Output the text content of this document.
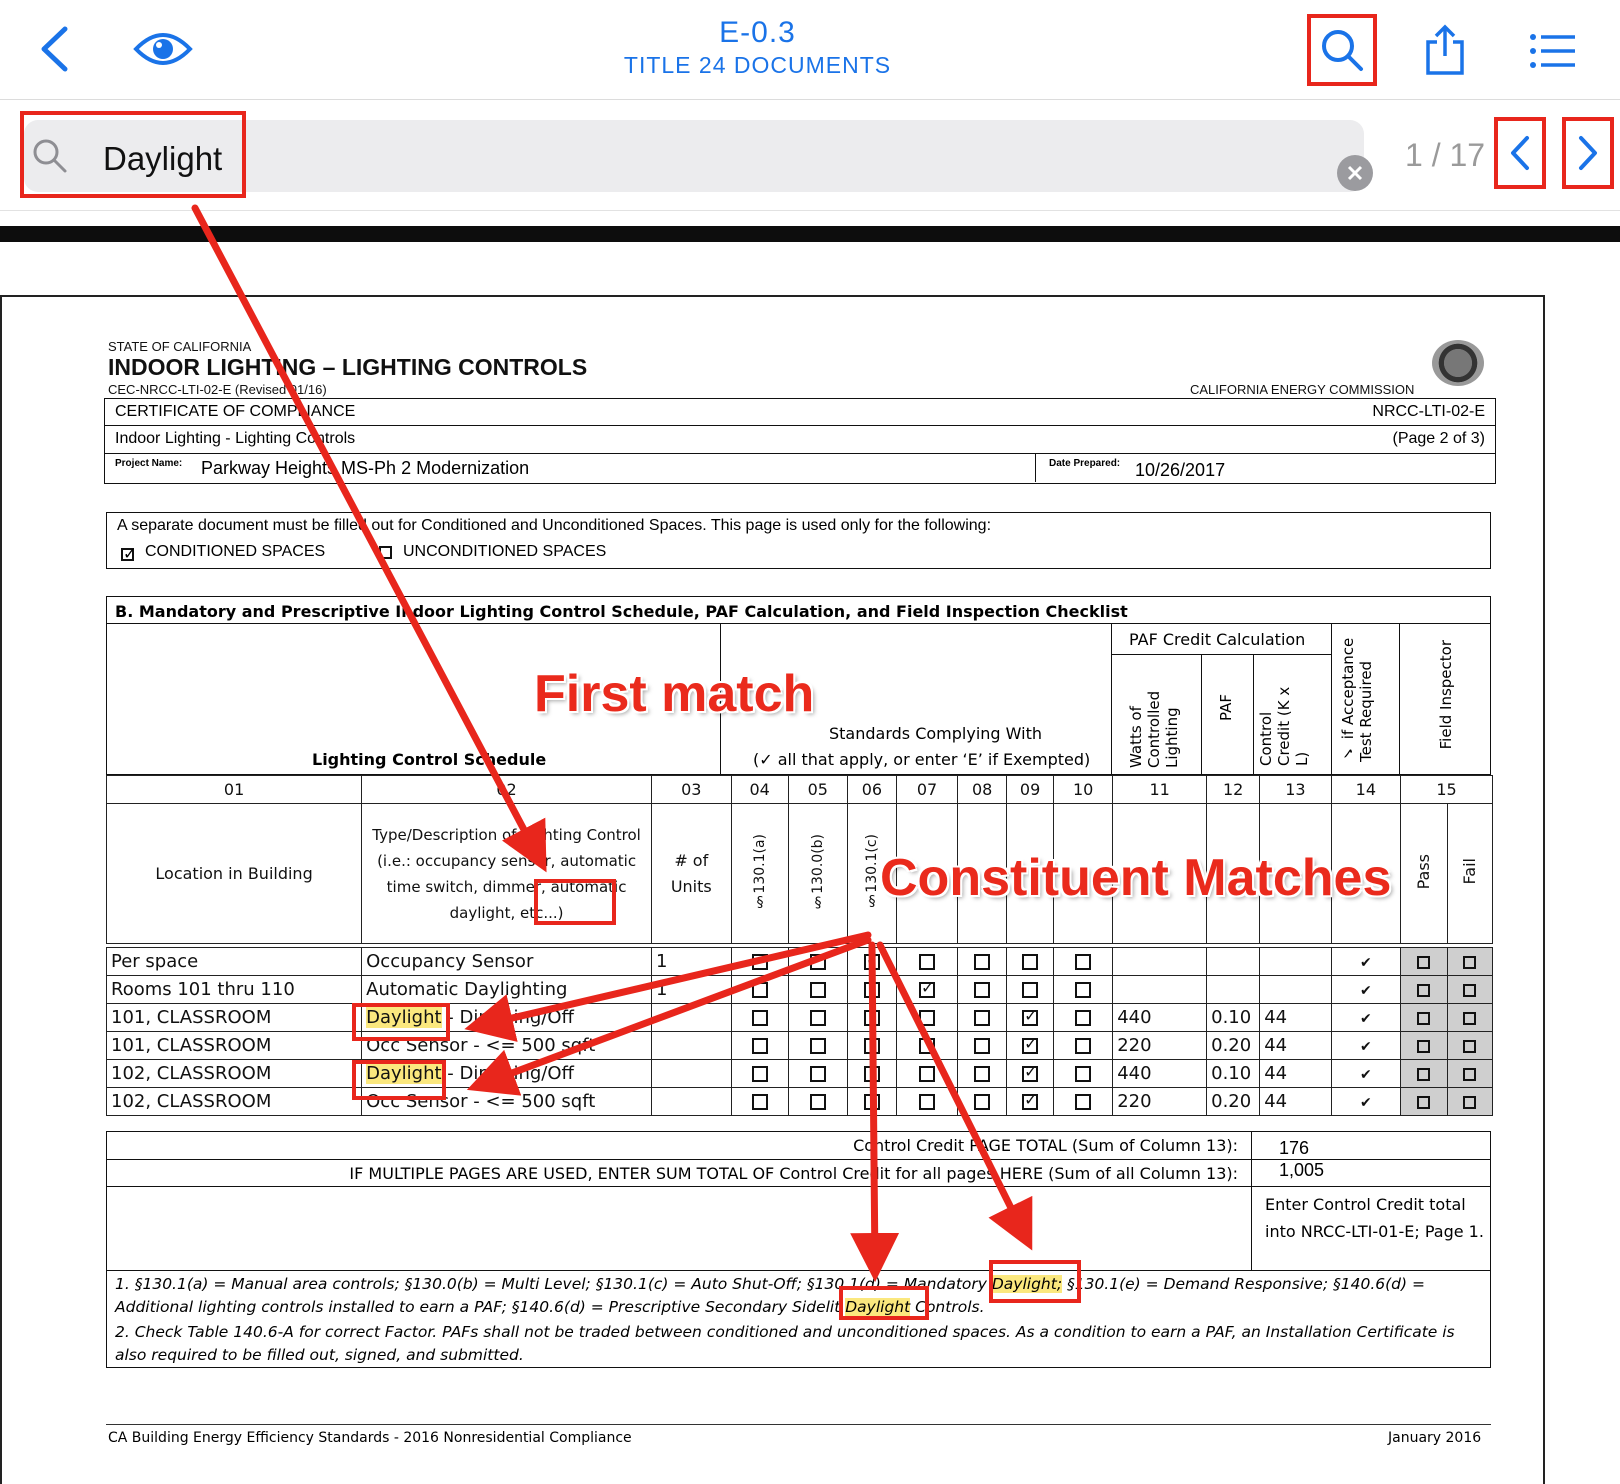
E-0.3
TITLE 24 DOCUMENTS
Daylight	1 / 17
STATE OF CALIFORNIA
INDOOR LIGHTING – LIGHTING CONTROLS
CEC-NRCC-LTI-02-E (Revised 01/16)	CALIFORNIA ENERGY COMMISSION
CERTIFICATE OF COMPLIANCE	NRCC-LTI-02-E
Indoor Lighting - Lighting Controls	(Page 2 of 3)
Project Name: Parkway Heights MS-Ph 2 Modernization	Date Prepared: 10/26/2017
A separate document must be filled out for Conditioned and Unconditioned Spaces. This page is used only for the following:
✓
CONDITIONED SPACES	UNCONDITIONED SPACES
B. Mandatory and Prescriptive Indoor Lighting Control Schedule, PAF Calculation, and Field Inspection Checklist
PAF Credit Calculation
Lighting Control Schedule
Standards Complying With
(✓ all that apply, or enter ‘E’ if Exempted) Watts of Controlled Lighting PAF
Control Credit (K x L) ✓ if Acceptance Test Required	Field Inspector
01	02	03	04	05	06	07	08	09	10	11	12	13	14	15	
Location in Building	Type/Description of Lighting Control (i.e.: occupancy sensor, automatic time switch, dimmer, automatic daylight, etc...)	# of Units	§130.1(a)	§130.0(b)	§130.1(c)									Pass	Fail
Per space	Occupancy Sensor	1			✓								✔		
Rooms 101 thru 110	Automatic Daylighting	1				✓							✔		
101, CLASSROOM	Daylight - Dimming/Off							✓		440	0.10	44	✔		
101, CLASSROOM	Occ Sensor - <= 500 sqft							✓		220	0.20	44	✔		
102, CLASSROOM	Daylight - Dimming/Off							✓		440	0.10	44	✔		
102, CLASSROOM	Occ Sensor - <= 500 sqft							✓		220	0.20	44	✔		
Control Credit PAGE TOTAL (Sum of Column 13): 176
IF MULTIPLE PAGES ARE USED, ENTER SUM TOTAL OF Control Credit for all pages HERE (Sum of all Column 13): 1,005
Enter Control Credit total into NRCC-LTI-01-E; Page 1.
1. §130.1(a) = Manual area controls; §130.0(b) = Multi Level; §130.1(c) = Auto Shut-Off; §130.1(d) = Mandatory Daylight; §130.1(e) = Demand Responsive; §140.6(d) =
Additional lighting controls installed to earn a PAF; §140.6(d) = Prescriptive Secondary Sidelit Daylight Controls.
2. Check Table 140.6-A for correct Factor. PAFs shall not be traded between conditioned and unconditioned spaces. As a condition to earn a PAF, an Installation Certificate is also required to be filled out, signed, and submitted.
CA Building Energy Efficiency Standards - 2016 Nonresidential Compliance	January 2016
First match
Constituent Matches
